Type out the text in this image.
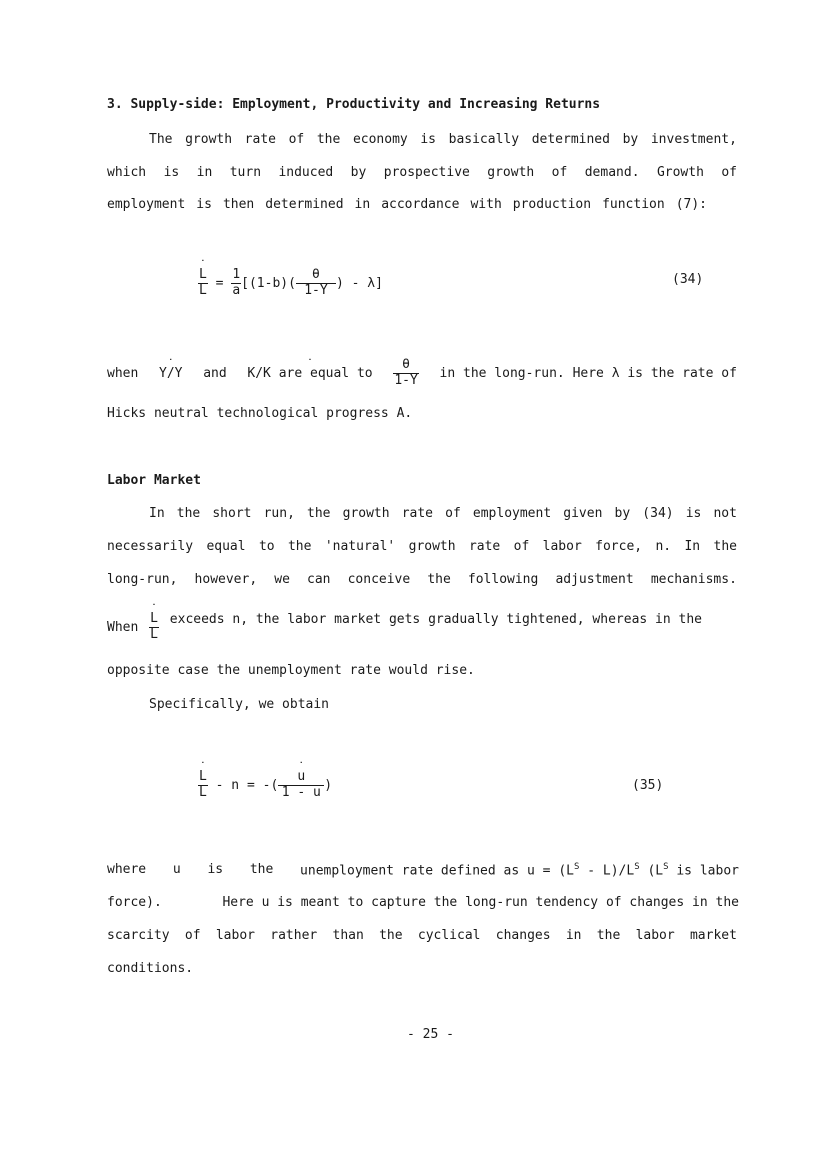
3. Supply-side: Employment, Productivity and Increasing Returns
The growth rate of the economy is basically determined by investment,
which is in turn induced by prospective growth of demand. Growth of
employment is then determined in accordance with production function (7):
˙ $\frac{L}{L} = \frac{1}{a} [(1-b)( \frac{\theta}{1-Y}$ ) - λ]	(34)
when ˙ Y/Y and ˙ K/K are equal to $\frac{\theta}{1-Y}$ in the long-run. Here λ is the rate of
Hicks neutral technological progress A.
Labor Market
In the short run, the growth rate of employment given by (34) is not
necessarily equal to the 'natural' growth rate of labor force, n. In the
long-run, however, we can conceive the following adjustment mechanisms.
When ˙ $\frac{L}{L}$ exceeds n, the labor market gets gradually tightened, whereas in the
opposite case the unemployment rate would rise.
Specifically, we obtain
˙ $\frac{L}{L}$ - n = -( ˙ $\frac{u}{1 - u}$ )	(35)
where u is the unemployment rate defined as $u = (L^S - L)/L^S$ ($L^S$ is labor
force).	Here u is meant to capture the long-run tendency of changes in the
scarcity of labor rather than the cyclical changes in the labor market
conditions.
- 25 -
